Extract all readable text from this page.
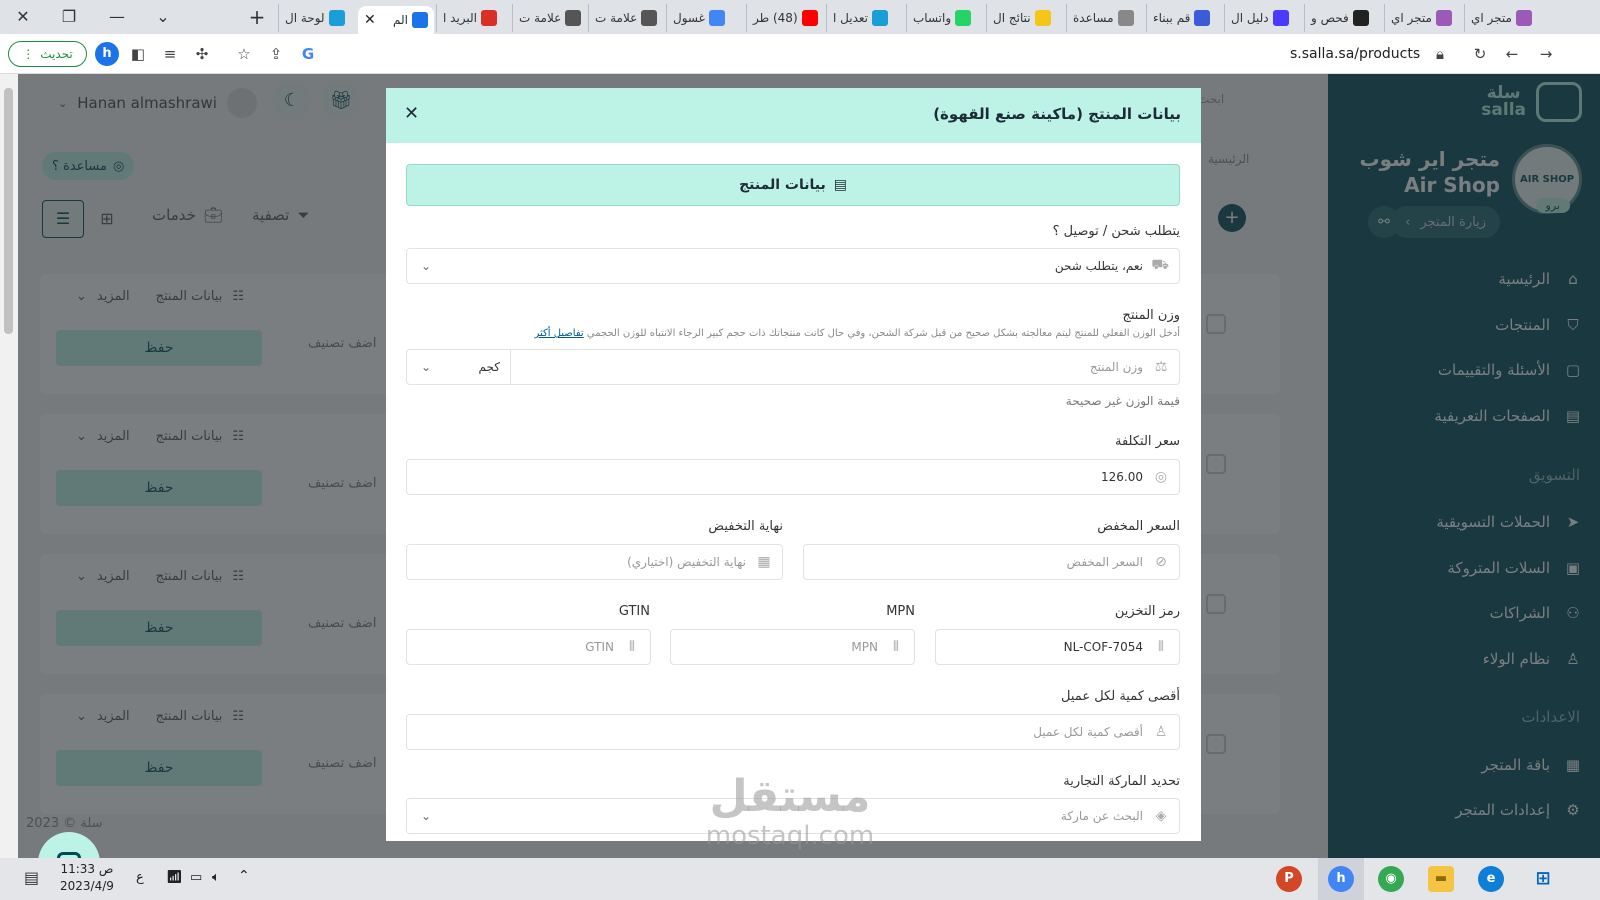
✕	❐	—	⌄	+	لوحة ال	الم
✕	البريد ا	علامة ت	علامة ت	غسول	(48) طر	تعديل ا	واتساب	نتائج ال	مساعدة	قم ببناء	دليل ال	فحص و	متجر اي	متجر اي
تحديث
⋮	h	◧ ≡ ✣ ☆ ⇪ G	s.salla.sa/products	🔒︎	↻ ← →
بيانات المنتج (ماكينة صنع القهوة)
✕
▤
بيانات المنتج
يتطلب شحن / توصيل ؟
⛟
نعم، يتطلب شحن
⌄
وزن المنتج
أدخل الوزن الفعلي للمنتج ليتم معالجته بشكل صحيح من قبل شركة الشحن، وفي حال كانت منتجاتك ذات حجم كبير الرجاء الانتباه للوزن الحجمي تفاصيل أكثر
⚖
وزن المنتج
كجم
⌄
قيمة الوزن غير صحيحة
سعر التكلفة
◎
126.00
السعر المخفض
⊘
السعر المخفض
نهاية التخفيض
▦
نهاية التخفيض (اختياري)
رمز التخزين
⦀
NL-COF-7054
MPN
⦀
MPN
GTIN
⦀
GTIN
أقصى كمية لكل عميل
♙
أقصى كمية لكل عميل
تحديد الماركة التجارية
◈
البحث عن ماركة
⌄	مستقل
mostaql.com
▤ 11:33 ص
2023/4/9
ع 📶︎ ▭ 🔈︎ ⌃	P	h	◉	▬	e	⊞
